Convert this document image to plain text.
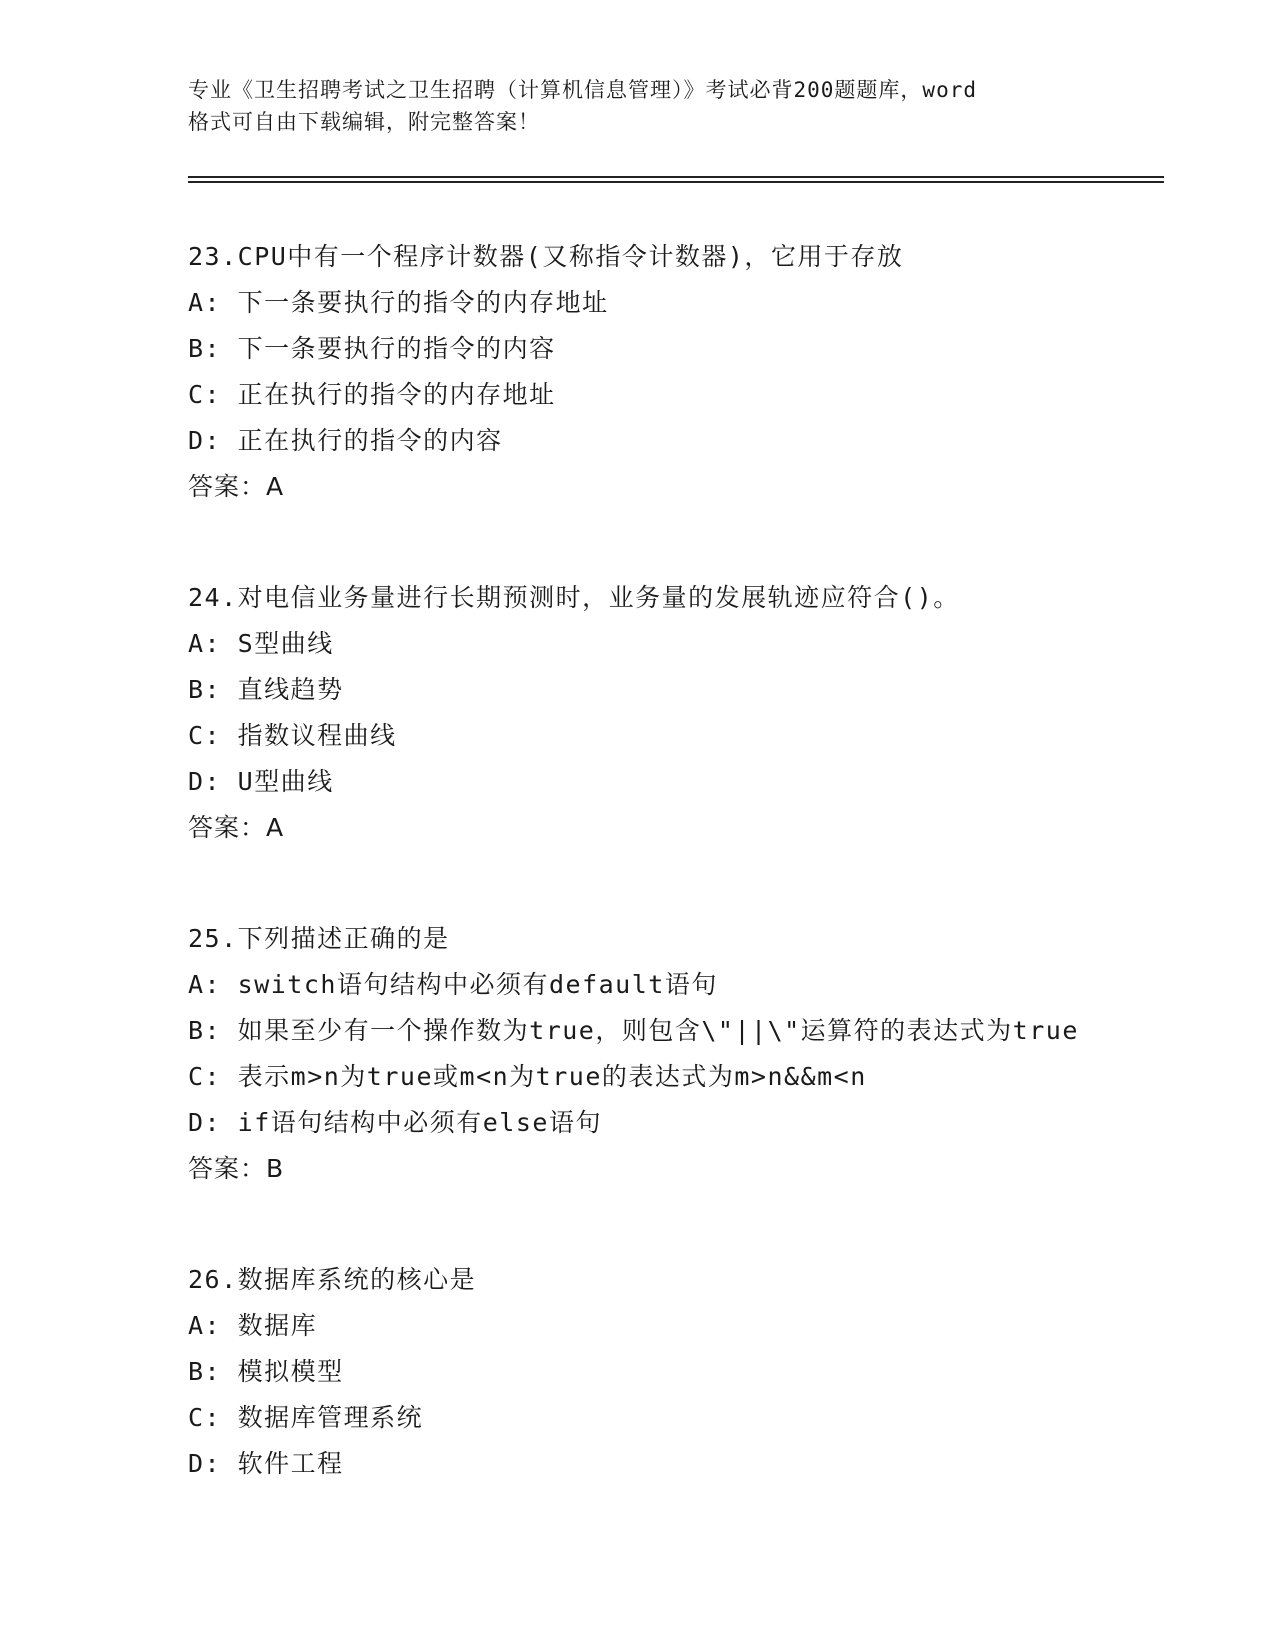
专业《卫生招聘考试之卫生招聘（计算机信息管理）》考试必背200题题库，word
格式可自由下载编辑，附完整答案！
23.CPU中有一个程序计数器(又称指令计数器)，它用于存放
A: 下一条要执行的指令的内存地址
B: 下一条要执行的指令的内容
C: 正在执行的指令的内存地址
D: 正在执行的指令的内容
答案：A
24.对电信业务量进行长期预测时，业务量的发展轨迹应符合()。
A: S型曲线
B: 直线趋势
C: 指数议程曲线
D: U型曲线
答案：A
25.下列描述正确的是
A: switch语句结构中必须有default语句
B: 如果至少有一个操作数为true，则包含\"||\"运算符的表达式为true
C: 表示m>n为true或m<n为true的表达式为m>n&&m<n
D: if语句结构中必须有else语句
答案：B
26.数据库系统的核心是
A: 数据库
B: 模拟模型
C: 数据库管理系统
D: 软件工程
